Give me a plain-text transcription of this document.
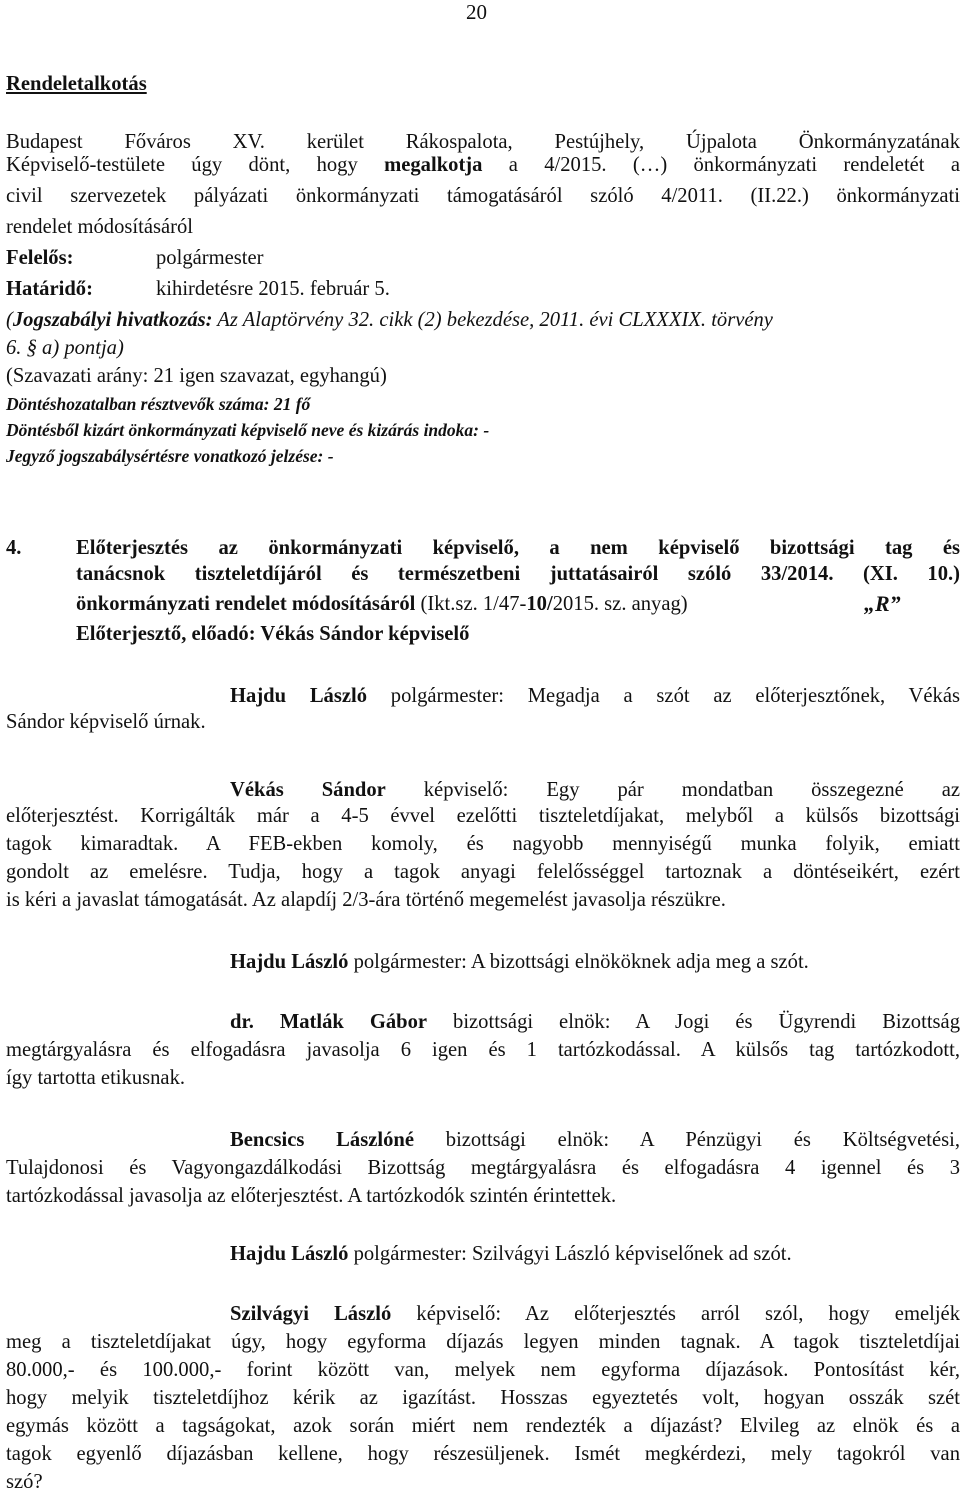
20
Rendeletalkotás
Budapest Főváros XV. kerület Rákospalota, Pestújhely, Újpalota Önkormányzatának
Képviselő-testülete úgy dönt, hogy megalkotja a 4/2015. (…) önkormányzati rendeletét a
civil szervezetek pályázati önkormányzati támogatásáról szóló 4/2011. (II.22.) önkormányzati
rendelet módosításáról
Felelős:	polgármester
Határidő:	kihirdetésre 2015. február 5.
(Jogszabályi hivatkozás: Az Alaptörvény 32. cikk (2) bekezdése, 2011. évi CLXXXIX. törvény
6. § a) pontja)
(Szavazati arány: 21 igen szavazat, egyhangú)
Döntéshozatalban résztvevők száma: 21 fő
Döntésből kizárt önkormányzati képviselő neve és kizárás indoka: -
Jegyző jogszabálysértésre vonatkozó jelzése: -
4.	Előterjesztés az önkormányzati képviselő, a nem képviselő bizottsági tag és
tanácsnok tiszteletdíjáról és természetbeni juttatásairól szóló 33/2014. (XI. 10.)
önkormányzati rendelet módosításáról (Ikt.sz. 1/47-10/2015. sz. anyag)	„R”
Előterjesztő, előadó: Vékás Sándor képviselő
Hajdu László polgármester: Megadja a szót az előterjesztőnek, Vékás
Sándor képviselő úrnak.
Vékás Sándor képviselő: Egy pár mondatban összegezné az
előterjesztést. Korrigálták már a 4-5 évvel ezelőtti tiszteletdíjakat, melyből a külsős bizottsági
tagok kimaradtak. A FEB-ekben komoly, és nagyobb mennyiségű munka folyik, emiatt
gondolt az emelésre. Tudja, hogy a tagok anyagi felelősséggel tartoznak a döntéseikért, ezért
is kéri a javaslat támogatását. Az alapdíj 2/3-ára történő megemelést javasolja részükre.
Hajdu László polgármester: A bizottsági elnököknek adja meg a szót.
dr. Matlák Gábor bizottsági elnök: A Jogi és Ügyrendi Bizottság
megtárgyalásra és elfogadásra javasolja 6 igen és 1 tartózkodással. A külsős tag tartózkodott,
így tartotta etikusnak.
Bencsics Lászlóné bizottsági elnök: A Pénzügyi és Költségvetési,
Tulajdonosi és Vagyongazdálkodási Bizottság megtárgyalásra és elfogadásra 4 igennel és 3
tartózkodással javasolja az előterjesztést. A tartózkodók szintén érintettek.
Hajdu László polgármester: Szilvágyi László képviselőnek ad szót.
Szilvágyi László képviselő: Az előterjesztés arról szól, hogy emeljék
meg a tiszteletdíjakat úgy, hogy egyforma díjazás legyen minden tagnak. A tagok tiszteletdíjai
80.000,- és 100.000,- forint között van, melyek nem egyforma díjazások. Pontosítást kér,
hogy melyik tiszteletdíjhoz kérik az igazítást. Hosszas egyeztetés volt, hogyan osszák szét
egymás között a tagságokat, azok során miért nem rendezték a díjazást? Elvileg az elnök és a
tagok egyenlő díjazásban kellene, hogy részesüljenek. Ismét megkérdezi, mely tagokról van
szó?
